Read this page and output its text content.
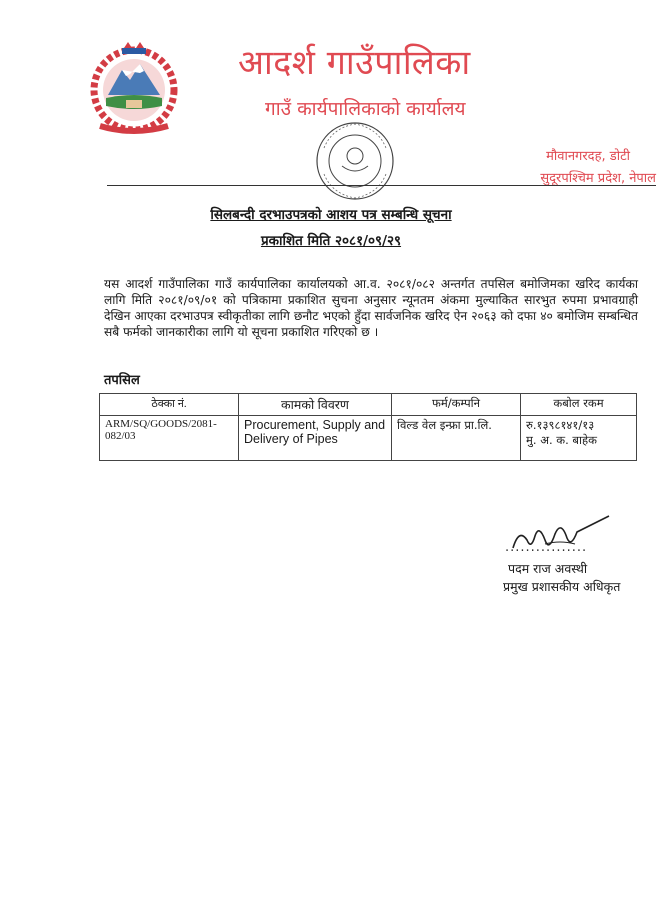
आदर्श गाउँपालिका
गाउँ कार्यपालिकाको कार्यालय
मौवानगरदह, डोटी
सुदूरपश्चिम प्रदेश, नेपाल
सिलबन्दी दरभाउपत्रको आशय पत्र सम्बन्धि सूचना
प्रकाशित मिति २०८१/०९/२९
यस आदर्श गाउँपालिका गाउँ कार्यपालिका कार्यालयको आ.व. २०८१/०८२ अन्तर्गत तपसिल बमोजिमका खरिद कार्यका लागि मिति २०८१/०९/०१ को पत्रिकामा प्रकाशित सुचना अनुसार न्यूनतम अंकमा मुल्याकित सारभुत रुपमा प्रभावग्राही देखिन आएका दरभाउपत्र स्वीकृतीका लागि छनौट भएको हुँदा सार्वजनिक खरिद ऐन २०६३ को दफा ४० बमोजिम सम्बन्धित सबै फर्मको जानकारीका लागि यो सूचना प्रकाशित गरिएको छ ।
तपसिल
ठेक्का नं.	कामको विवरण	फर्म/कम्पनि	कबोल रकम
ARM/SQ/GOODS/2081-082/03	Procurement, Supply and Delivery of Pipes	विल्ड वेल इन्फ्रा प्रा.लि.	रु.१३९८१४१/१३
मु. अ. क. बाहेक
................
पदम राज अवस्थी
प्रमुख प्रशासकीय अधिकृत
